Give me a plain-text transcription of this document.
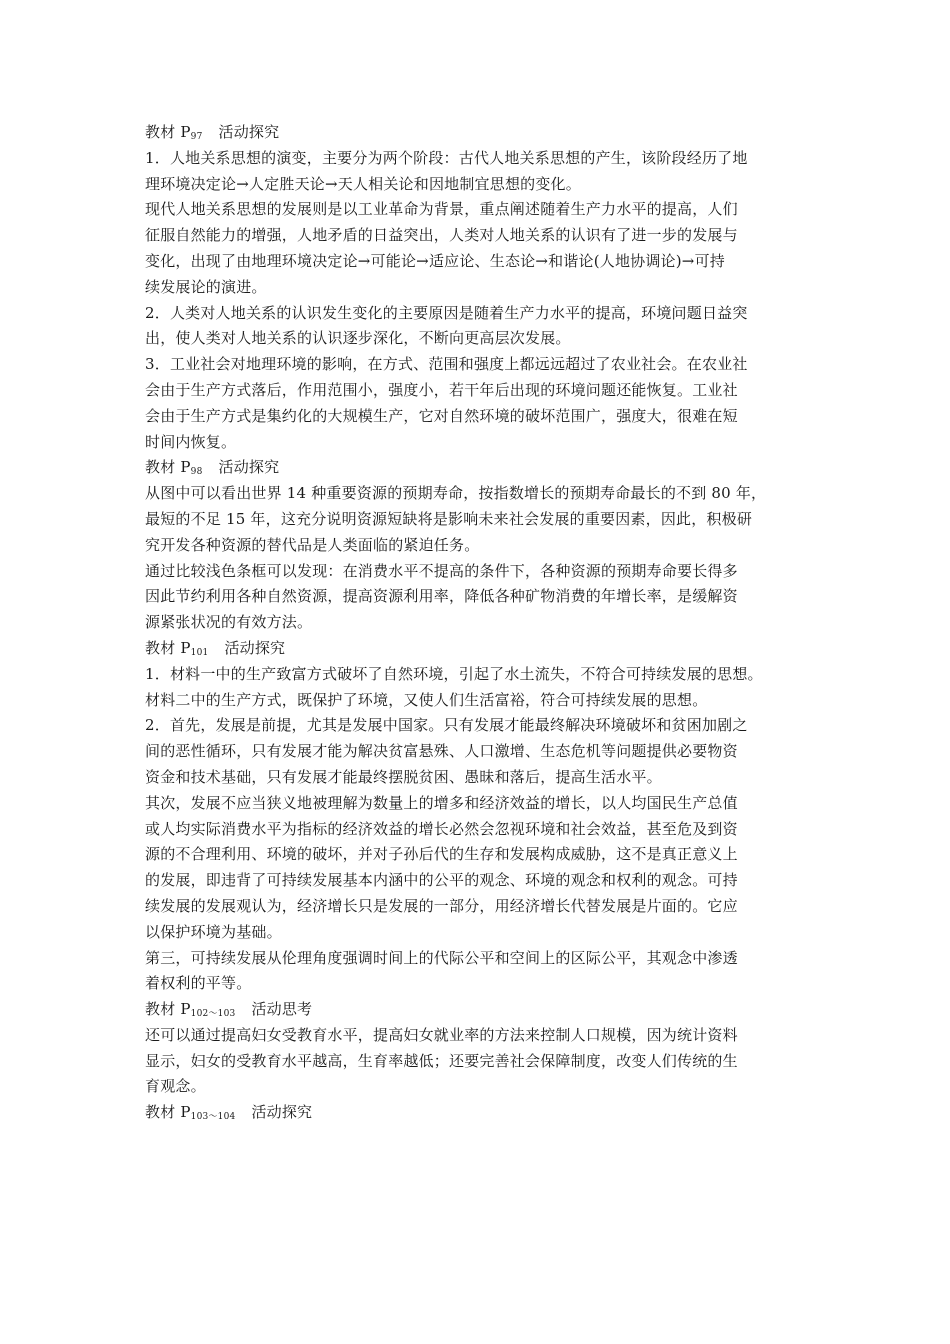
教材 $P_{97}$ 活动探究
1．人地关系思想的演变，主要分为两个阶段：古代人地关系思想的产生，该阶段经历了地
理环境决定论→人定胜天论→天人相关论和因地制宜思想的变化。
现代人地关系思想的发展则是以工业革命为背景，重点阐述随着生产力水平的提高，人们
征服自然能力的增强，人地矛盾的日益突出，人类对人地关系的认识有了进一步的发展与
变化，出现了由地理环境决定论→可能论→适应论、生态论→和谐论(人地协调论)→可持
续发展论的演进。
2．人类对人地关系的认识发生变化的主要原因是随着生产力水平的提高，环境问题日益突
出，使人类对人地关系的认识逐步深化，不断向更高层次发展。
3．工业社会对地理环境的影响，在方式、范围和强度上都远远超过了农业社会。在农业社
会由于生产方式落后，作用范围小，强度小，若干年后出现的环境问题还能恢复。工业社
会由于生产方式是集约化的大规模生产，它对自然环境的破坏范围广，强度大，很难在短
时间内恢复。
教材 $P_{98}$ 活动探究
从图中可以看出世界 14 种重要资源的预期寿命，按指数增长的预期寿命最长的不到 80 年，
最短的不足 15 年，这充分说明资源短缺将是影响未来社会发展的重要因素，因此，积极研
究开发各种资源的替代品是人类面临的紧迫任务。
通过比较浅色条框可以发现：在消费水平不提高的条件下，各种资源的预期寿命要长得多
因此节约利用各种自然资源，提高资源利用率，降低各种矿物消费的年增长率，是缓解资
源紧张状况的有效方法。
教材 $P_{101}$ 活动探究
1．材料一中的生产致富方式破坏了自然环境，引起了水土流失，不符合可持续发展的思想。
材料二中的生产方式，既保护了环境，又使人们生活富裕，符合可持续发展的思想。
2．首先，发展是前提，尤其是发展中国家。只有发展才能最终解决环境破坏和贫困加剧之
间的恶性循环，只有发展才能为解决贫富悬殊、人口激增、生态危机等问题提供必要物资
资金和技术基础，只有发展才能最终摆脱贫困、愚昧和落后，提高生活水平。
其次，发展不应当狭义地被理解为数量上的增多和经济效益的增长，以人均国民生产总值
或人均实际消费水平为指标的经济效益的增长必然会忽视环境和社会效益，甚至危及到资
源的不合理利用、环境的破坏，并对子孙后代的生存和发展构成威胁，这不是真正意义上
的发展，即违背了可持续发展基本内涵中的公平的观念、环境的观念和权利的观念。可持
续发展的发展观认为，经济增长只是发展的一部分，用经济增长代替发展是片面的。它应
以保护环境为基础。
第三，可持续发展从伦理角度强调时间上的代际公平和空间上的区际公平，其观念中渗透
着权利的平等。
教材 $P_{102\sim 103}$ 活动思考
还可以通过提高妇女受教育水平，提高妇女就业率的方法来控制人口规模，因为统计资料
显示，妇女的受教育水平越高，生育率越低；还要完善社会保障制度，改变人们传统的生
育观念。
教材 $P_{103\sim 104}$ 活动探究
